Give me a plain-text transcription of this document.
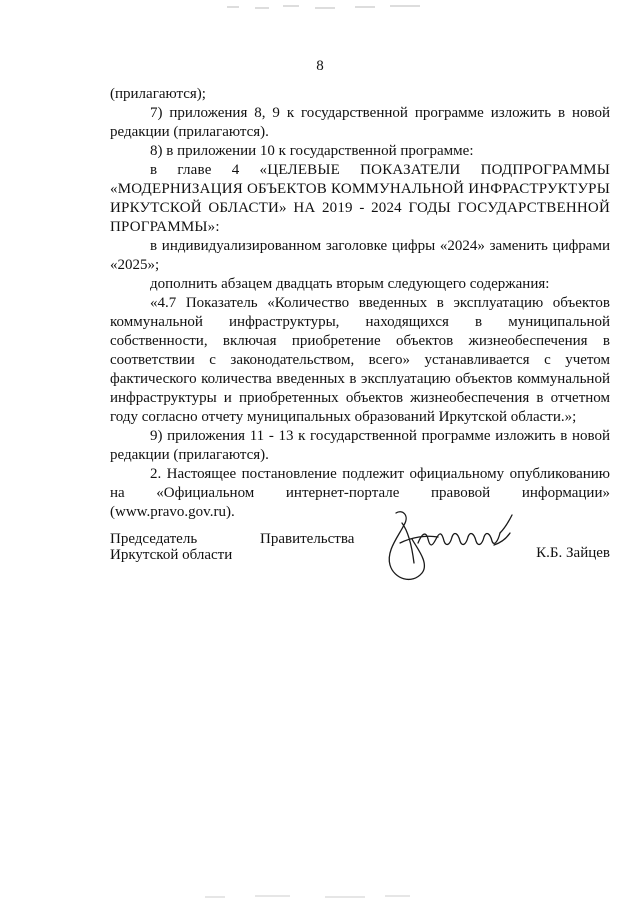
8

(прилагаются);

7) приложения 8, 9 к государственной программе изложить в новой редакции (прилагаются).

8) в приложении 10 к государственной программе:

в главе 4 «ЦЕЛЕВЫЕ ПОКАЗАТЕЛИ ПОДПРОГРАММЫ «МОДЕРНИЗАЦИЯ ОБЪЕКТОВ КОММУНАЛЬНОЙ ИНФРАСТРУКТУРЫ ИРКУТСКОЙ ОБЛАСТИ» НА 2019 - 2024 ГОДЫ ГОСУДАРСТВЕННОЙ ПРОГРАММЫ»:

в индивидуализированном заголовке цифры «2024» заменить цифрами «2025»;

дополнить абзацем двадцать вторым следующего содержания:

«4.7 Показатель «Количество введенных в эксплуатацию объектов коммунальной инфраструктуры, находящихся в муниципальной собственности, включая приобретение объектов жизнеобеспечения в соответствии с законодательством, всего» устанавливается с учетом фактического количества введенных в эксплуатацию объектов коммунальной инфраструктуры и приобретенных объектов жизнеобеспечения в отчетном году согласно отчету муниципальных образований Иркутской области.»;

9) приложения 11 - 13 к государственной программе изложить в новой редакции (прилагаются).

2. Настоящее постановление подлежит официальному опубликованию на «Официальном интернет-портале правовой информации» (www.pravo.gov.ru).

Председатель
Иркутской области
Правительства
К.Б. Зайцев
